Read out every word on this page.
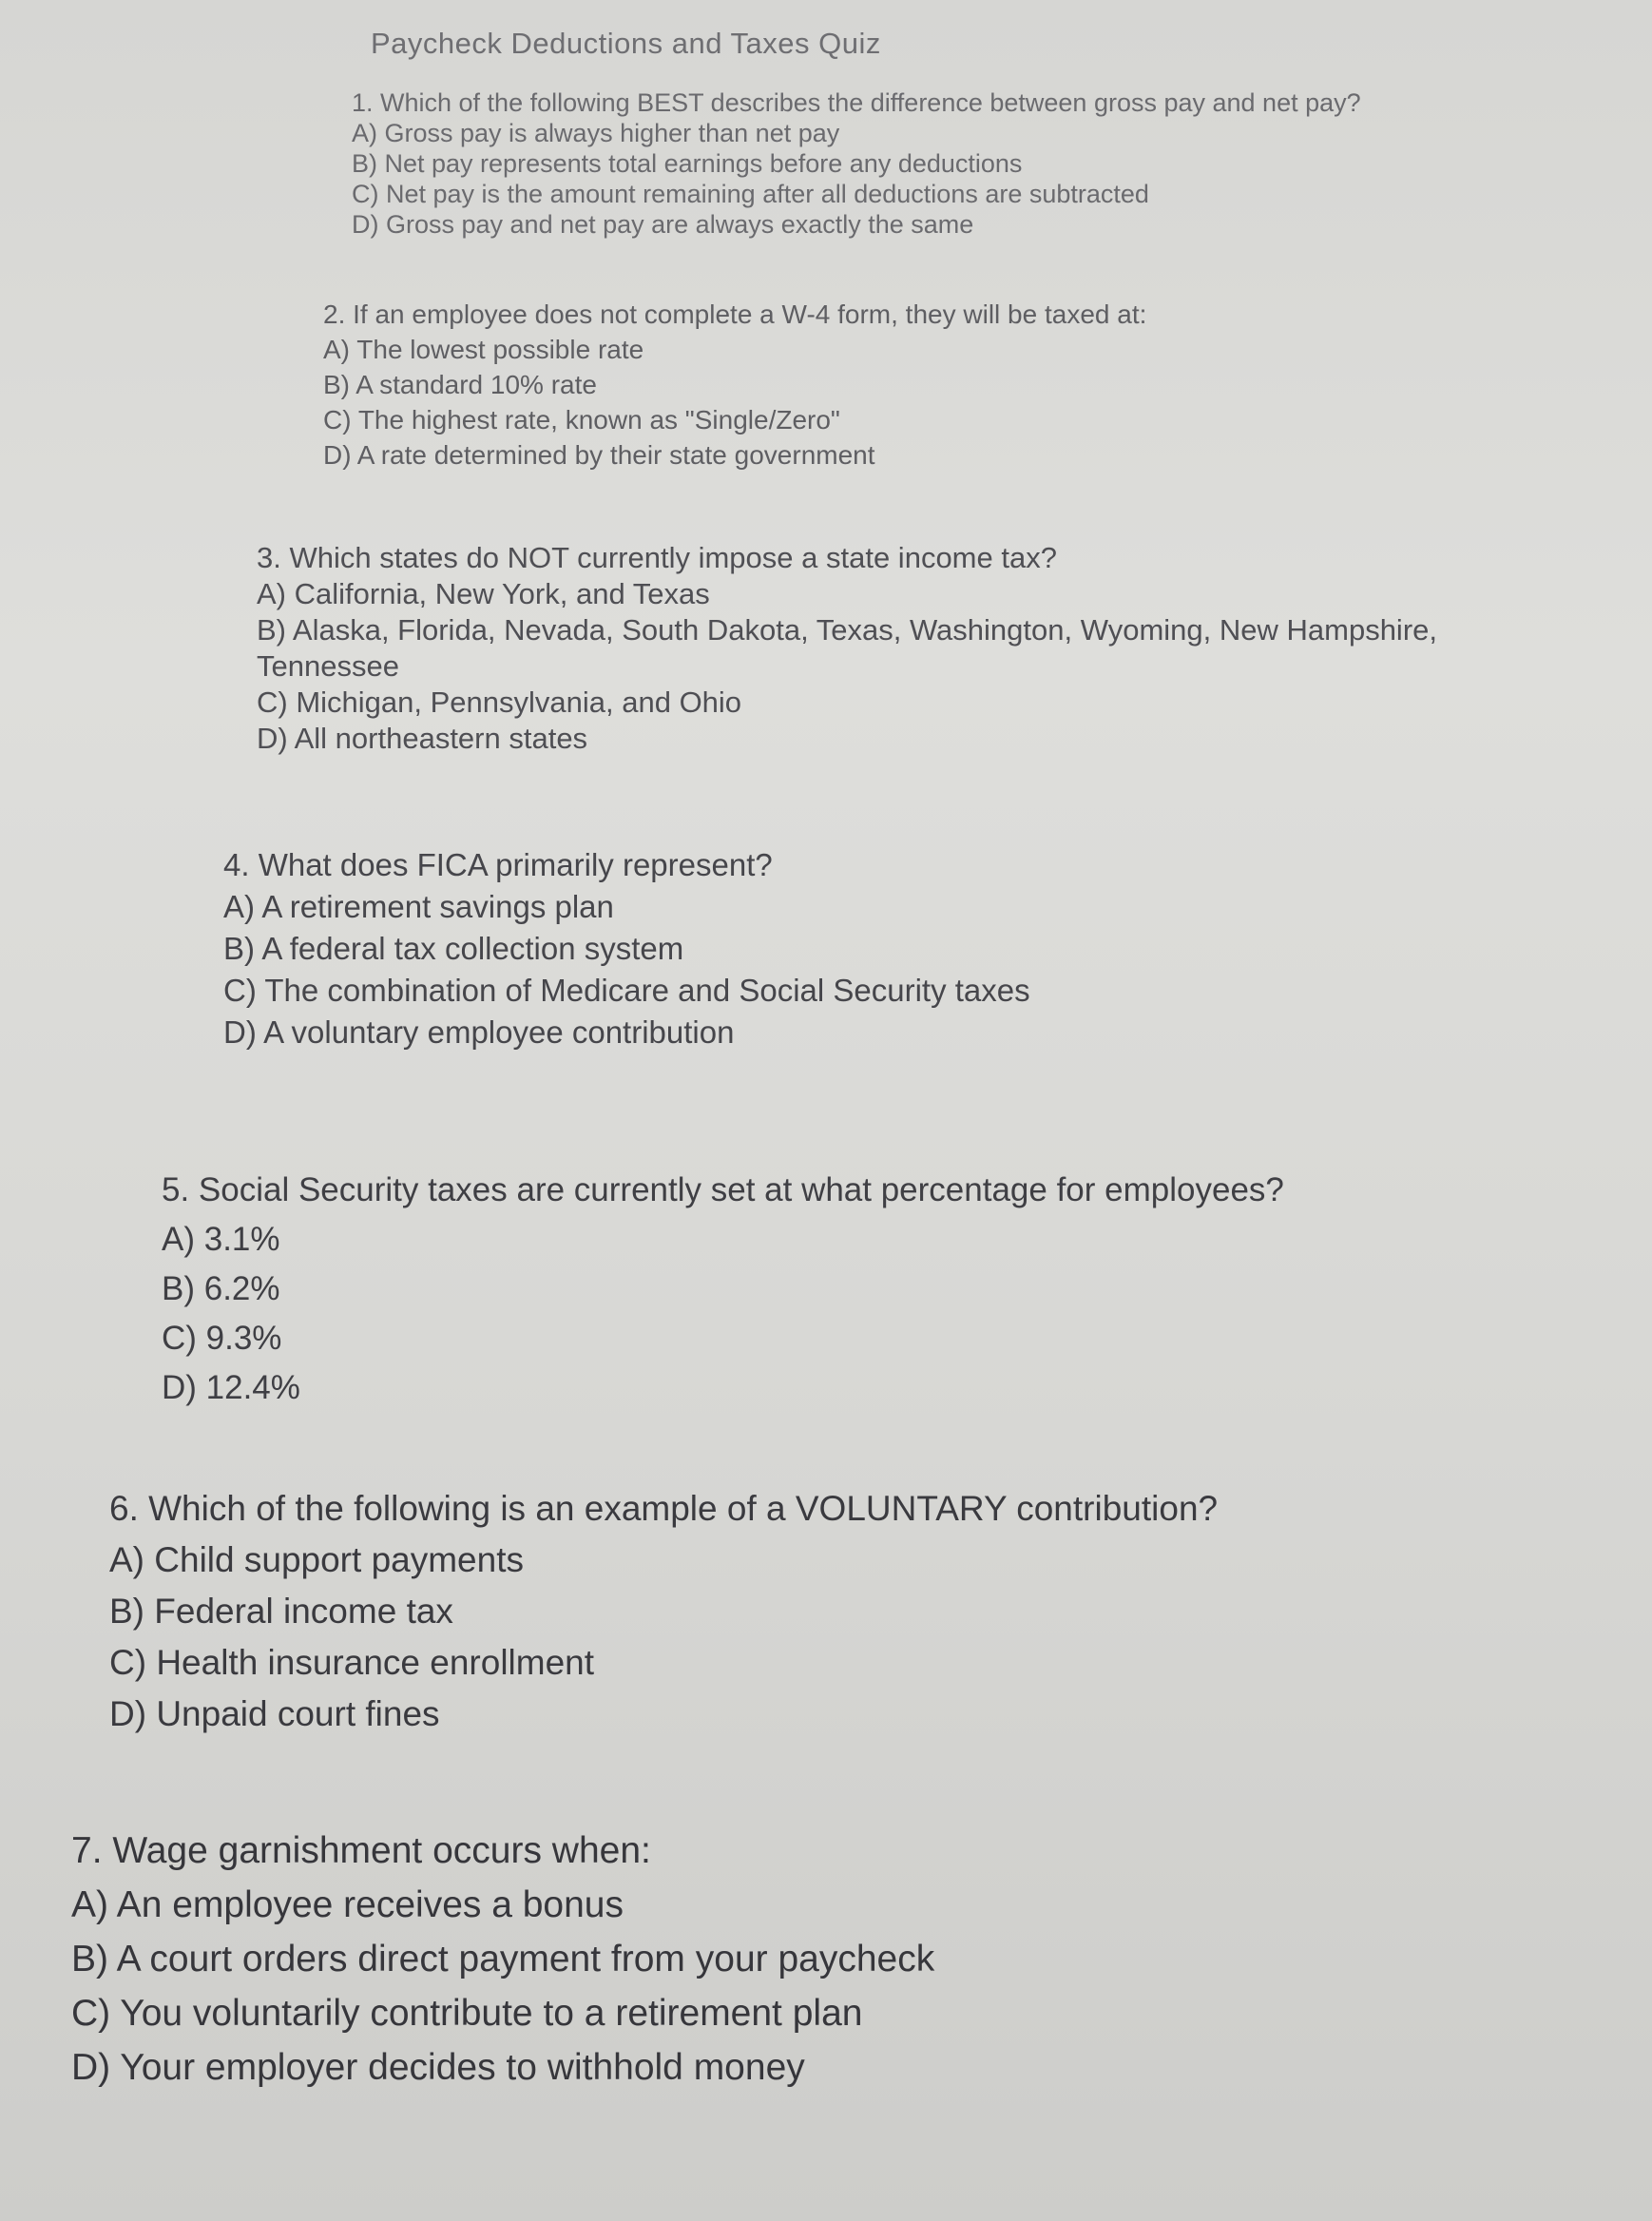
Paycheck Deductions and Taxes Quiz
1. Which of the following BEST describes the difference between gross pay and net pay?
A) Gross pay is always higher than net pay
B) Net pay represents total earnings before any deductions
C) Net pay is the amount remaining after all deductions are subtracted
D) Gross pay and net pay are always exactly the same
2. If an employee does not complete a W-4 form, they will be taxed at:
A) The lowest possible rate
B) A standard 10% rate
C) The highest rate, known as "Single/Zero"
D) A rate determined by their state government
3. Which states do NOT currently impose a state income tax?
A) California, New York, and Texas
B) Alaska, Florida, Nevada, South Dakota, Texas, Washington, Wyoming, New Hampshire,
Tennessee
C) Michigan, Pennsylvania, and Ohio
D) All northeastern states
4. What does FICA primarily represent?
A) A retirement savings plan
B) A federal tax collection system
C) The combination of Medicare and Social Security taxes
D) A voluntary employee contribution
5. Social Security taxes are currently set at what percentage for employees?
A) 3.1%
B) 6.2%
C) 9.3%
D) 12.4%
6. Which of the following is an example of a VOLUNTARY contribution?
A) Child support payments
B) Federal income tax
C) Health insurance enrollment
D) Unpaid court fines
7. Wage garnishment occurs when:
A) An employee receives a bonus
B) A court orders direct payment from your paycheck
C) You voluntarily contribute to a retirement plan
D) Your employer decides to withhold money
